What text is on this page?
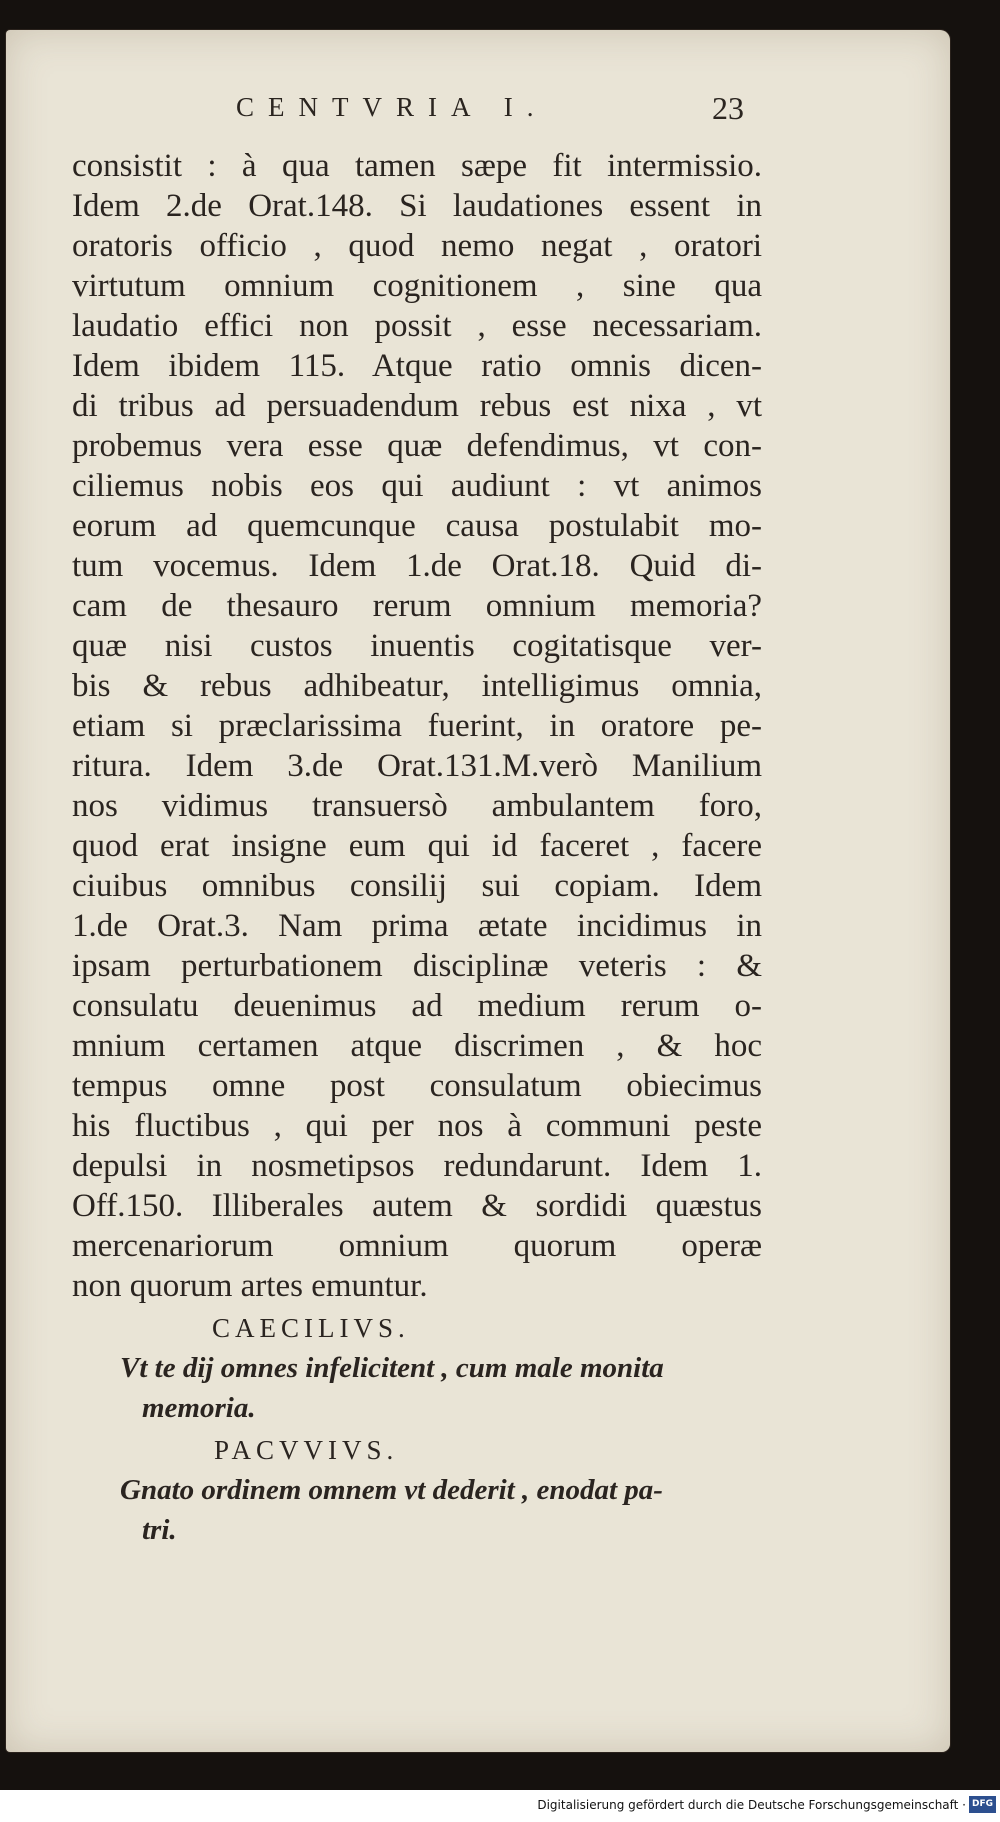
CENTVRIA I.	23
consistit : à qua tamen sæpe fit intermissio.
Idem 2.de Orat.148. Si laudationes essent in
oratoris officio , quod nemo negat , oratori
virtutum omnium cognitionem , sine qua
laudatio effici non possit , esse necessariam.
Idem ibidem 115. Atque ratio omnis dicen-
di tribus ad persuadendum rebus est nixa , vt
probemus vera esse quæ defendimus, vt con-
ciliemus nobis eos qui audiunt : vt animos
eorum ad quemcunque causa postulabit mo-
tum vocemus. Idem 1.de Orat.18. Quid di-
cam de thesauro rerum omnium memoria?
quæ nisi custos inuentis cogitatisque ver-
bis & rebus adhibeatur, intelligimus omnia,
etiam si præclarissima fuerint, in oratore pe-
ritura. Idem 3.de Orat.131.M.verò Manilium
nos vidimus transuersò ambulantem foro,
quod erat insigne eum qui id faceret , facere
ciuibus omnibus consilij sui copiam. Idem
1.de Orat.3. Nam prima ætate incidimus in
ipsam perturbationem disciplinæ veteris : &
consulatu deuenimus ad medium rerum o-
mnium certamen atque discrimen , & hoc
tempus omne post consulatum obiecimus
his fluctibus , qui per nos à communi peste
depulsi in nosmetipsos redundarunt. Idem 1.
Off.150. Illiberales autem & sordidi quæstus
mercenariorum omnium quorum operæ
non quorum artes emuntur.
CAECILIVS.
Vt te dij omnes infelicitent , cum male monita
memoria.
PACVVIVS.
Gnato ordinem omnem vt dederit , enodat pa-
tri.
Digitalisierung gefördert durch die Deutsche Forschungsgemeinschaft · DFG
